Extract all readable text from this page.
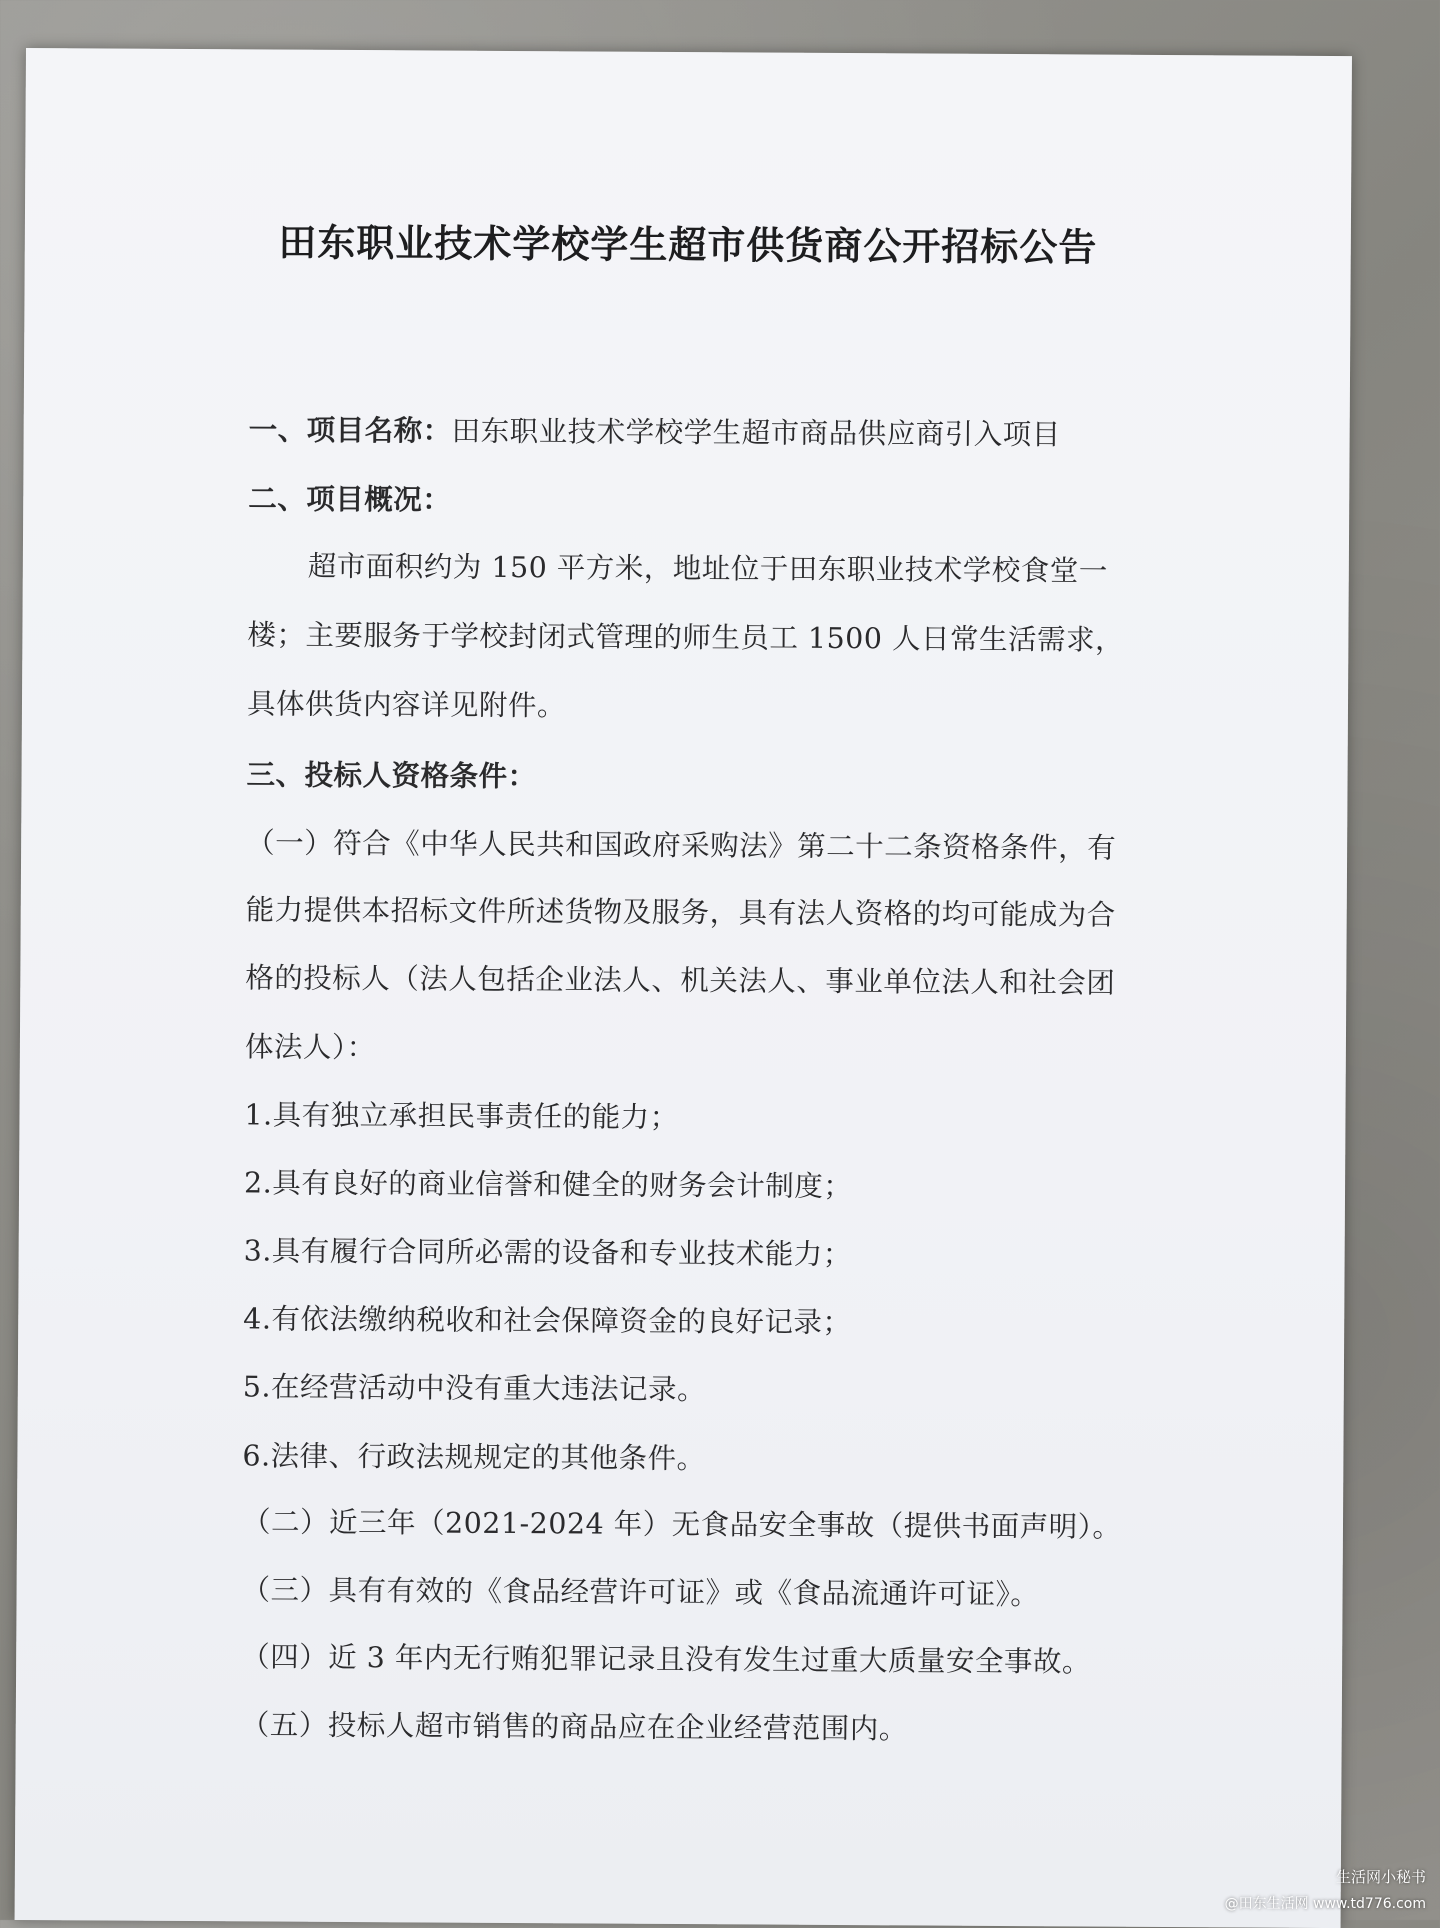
田东职业技术学校学生超市供货商公开招标公告
一、项目名称：田东职业技术学校学生超市商品供应商引入项目
二、项目概况：
超市面积约为 150 平方米，地址位于田东职业技术学校食堂一
楼；主要服务于学校封闭式管理的师生员工 1500 人日常生活需求，
具体供货内容详见附件。
三、投标人资格条件：
（一）符合《中华人民共和国政府采购法》第二十二条资格条件，有
能力提供本招标文件所述货物及服务，具有法人资格的均可能成为合
格的投标人（法人包括企业法人、机关法人、事业单位法人和社会团
体法人）：
1.具有独立承担民事责任的能力；
2.具有良好的商业信誉和健全的财务会计制度；
3.具有履行合同所必需的设备和专业技术能力；
4.有依法缴纳税收和社会保障资金的良好记录；
5.在经营活动中没有重大违法记录。
6.法律、行政法规规定的其他条件。
（二）近三年（2021-2024 年）无食品安全事故（提供书面声明）。
（三）具有有效的《食品经营许可证》或《食品流通许可证》。
（四）近 3 年内无行贿犯罪记录且没有发生过重大质量安全事故。
（五）投标人超市销售的商品应在企业经营范围内。
生活网小秘书
@田东生活网 www.td776.com
